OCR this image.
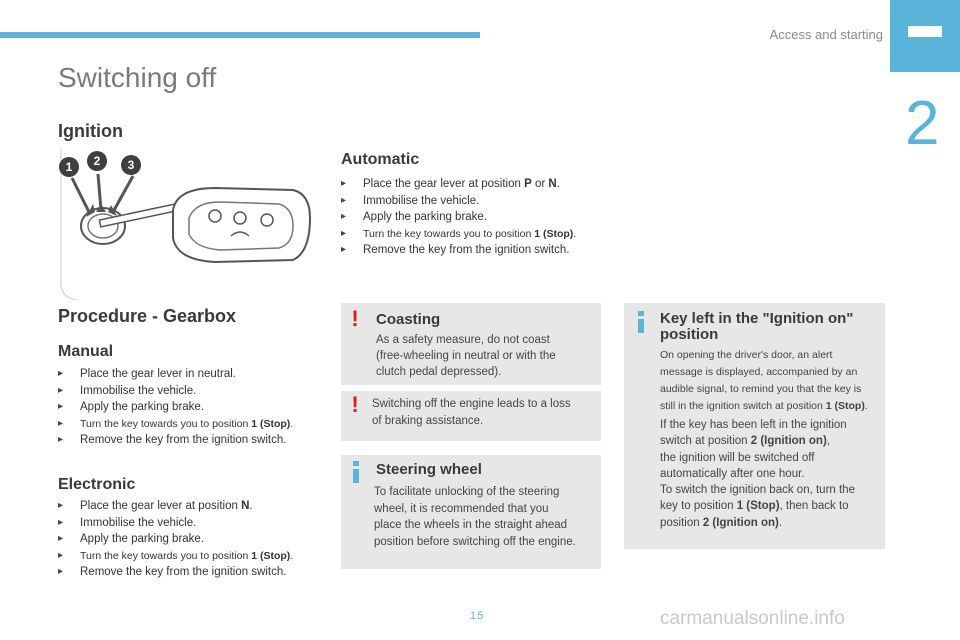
Access and starting
2
Switching off
Ignition
1	2	3	Automatic
▸ Place the gear lever at position P or N.
▸ Immobilise the vehicle.
▸ Apply the parking brake.
▸ Turn the key towards you to position 1 (Stop).
▸ Remove the key from the ignition switch.
Procedure - Gearbox
Manual
▸ Place the gear lever in neutral.
▸ Immobilise the vehicle.
▸ Apply the parking brake.
▸ Turn the key towards you to position 1 (Stop).
▸ Remove the key from the ignition switch.
Electronic
▸ Place the gear lever at position N.
▸ Immobilise the vehicle.
▸ Apply the parking brake.
▸ Turn the key towards you to position 1 (Stop).
▸ Remove the key from the ignition switch.
! Coasting
As a safety measure, do not coast
(free-wheeling in neutral or with the
clutch pedal depressed).
! Switching off the engine leads to a loss
of braking assistance.
Steering wheel
To facilitate unlocking of the steering
wheel, it is recommended that you
place the wheels in the straight ahead
position before switching off the engine.
Key left in the "Ignition on"
position
On opening the driver's door, an alert
message is displayed, accompanied by an
audible signal, to remind you that the key is
still in the ignition switch at position 1 (Stop).
If the key has been left in the ignition
switch at position 2 (Ignition on),
the ignition will be switched off
automatically after one hour.
To switch the ignition back on, turn the
key to position 1 (Stop), then back to
position 2 (Ignition on).
15	carmanualsonline.info
